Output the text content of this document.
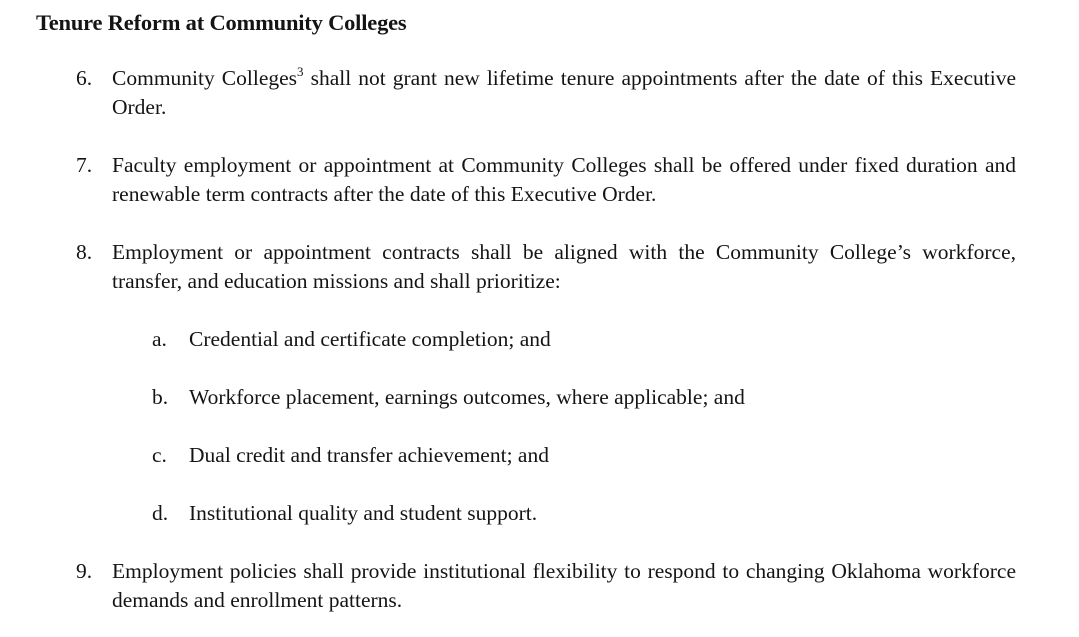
Tenure Reform at Community Colleges
6. Community Colleges$^3$ shall not grant new lifetime tenure appointments after the date of this Executive Order.
7. Faculty employment or appointment at Community Colleges shall be offered under fixed duration and renewable term contracts after the date of this Executive Order.
8. Employment or appointment contracts shall be aligned with the Community College’s workforce, transfer, and education missions and shall prioritize:
a. Credential and certificate completion; and
b. Workforce placement, earnings outcomes, where applicable; and
c. Dual credit and transfer achievement; and
d. Institutional quality and student support.
9. Employment policies shall provide institutional flexibility to respond to changing Oklahoma workforce demands and enrollment patterns.
